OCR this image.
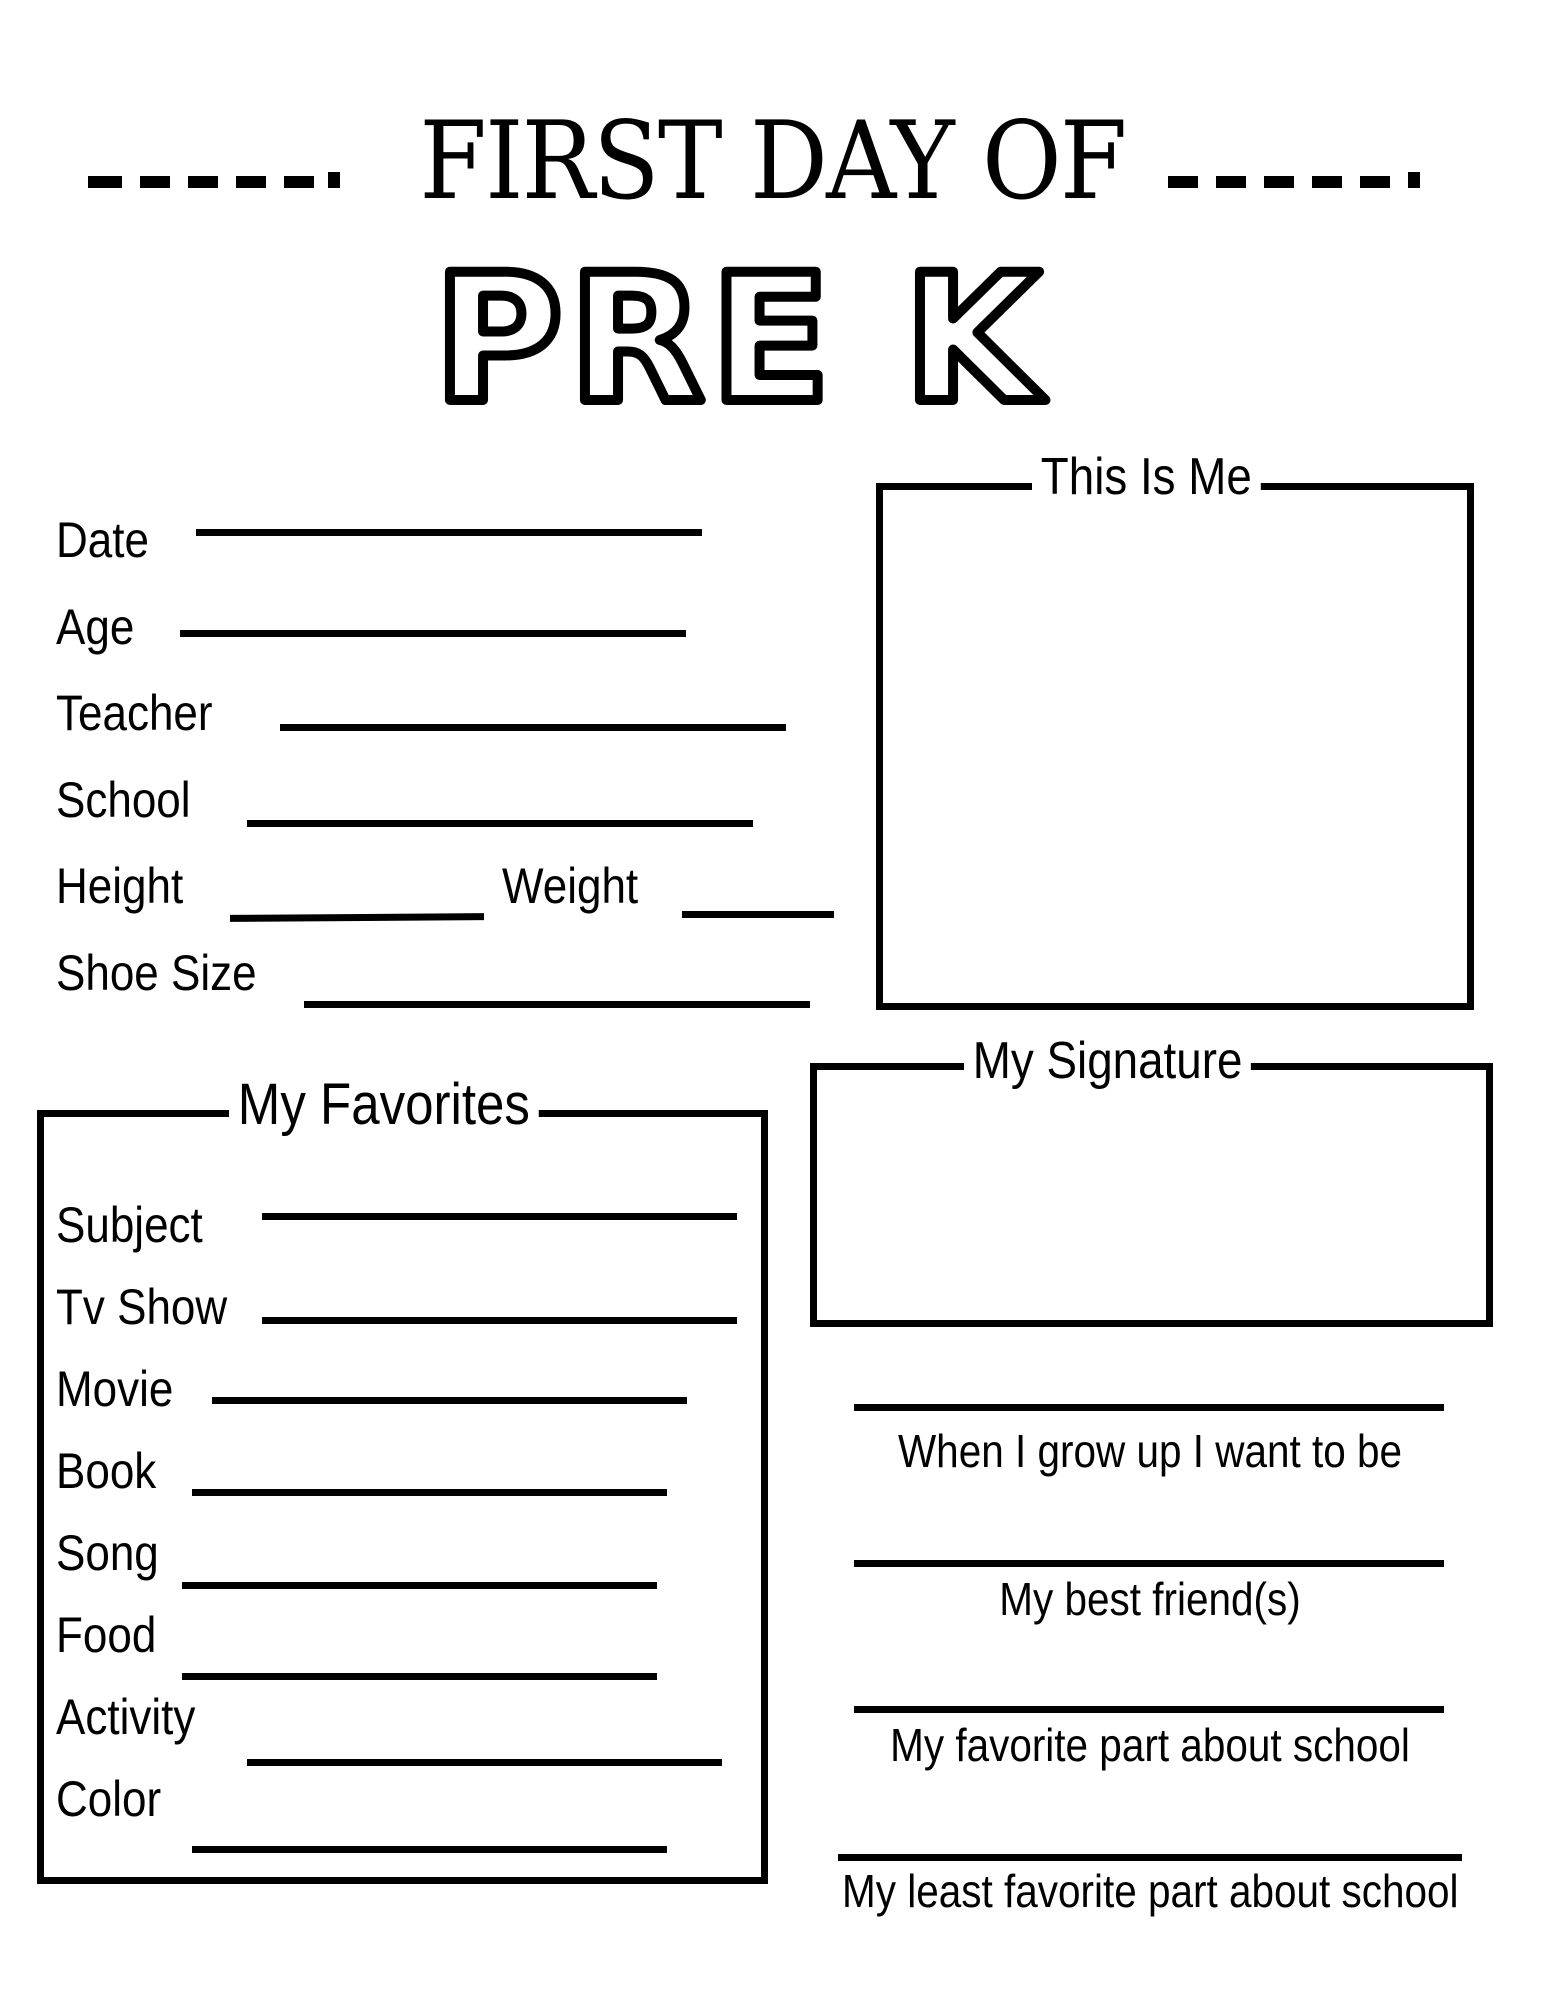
FIRST DAY OF
PRE K
Date
Age
Teacher
School
Height	Weight
Shoe Size
This Is Me
My Signature
My Favorites
Subject
Tv Show
Movie
Book
Song
Food
Activity
Color
When I grow up I want to be
My best friend(s)
My favorite part about school
My least favorite part about school
